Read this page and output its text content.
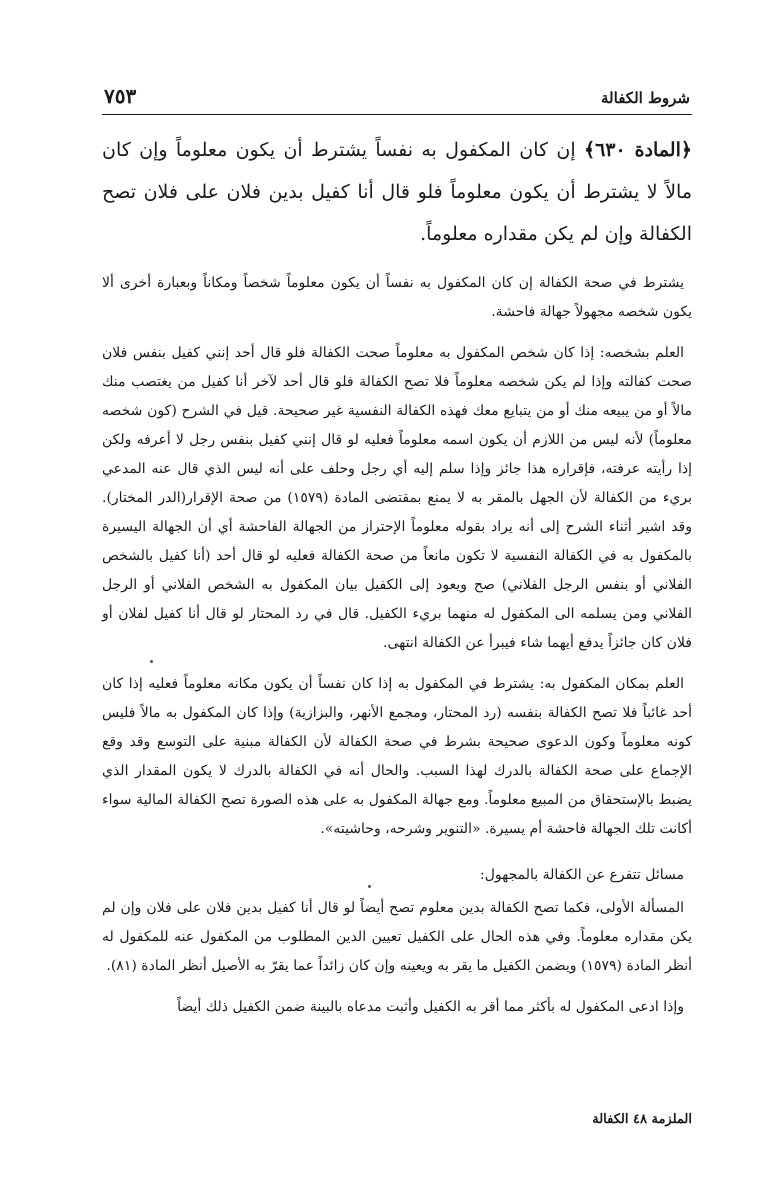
شروط الكفالة
٧٥٣

﴿المادة ٦٣٠﴾ إن كان المكفول به نفساً يشترط أن يكون معلوماً وإن كان مالاً لا يشترط أن يكون معلوماً فلو قال أنا كفيل بدين فلان على فلان تصح الكفالة وإن لم يكن مقداره معلوماً.

يشترط في صحة الكفالة إن كان المكفول به نفساً أن يكون معلوماً شخصاً ومكاناً وبعبارة أخرى ألا يكون شخصه مجهولاً جهالة فاحشة.

العلم بشخصه: إذا كان شخص المكفول به معلوماً صحت الكفالة فلو قال أحد إنني كفيل بنفس فلان صحت كفالته وإذا لم يكن شخصه معلوماً فلا تصح الكفالة فلو قال أحد لآخر أنا كفيل من يغتصب منك مالاً أو من يبيعه منك أو من يتبايع معك فهذه الكفالة النفسية غير صحيحة. قيل في الشرح (كون شخصه معلوماً) لأنه ليس من اللازم أن يكون اسمه معلوماً فعليه لو قال إنني كفيل بنفس رجل لا أعرفه ولكن إذا رأيته عرفته، فإقراره هذا جائز وإذا سلم إليه أي رجل وحلف على أنه ليس الذي قال عنه المدعي بريء من الكفالة لأن الجهل بالمقر به لا يمنع بمقتضى المادة (١٥٧٩) من صحة الإقرار(الدر المختار). وقد اشير أثناء الشرح إلى أنه يراد بقوله معلوماً الإحتراز من الجهالة الفاحشة أي أن الجهالة اليسيرة بالمكفول به في الكفالة النفسية لا تكون مانعاً من صحة الكفالة فعليه لو قال أحد (أنا كفيل بالشخص الفلاني أو بنفس الرجل الفلاني) صح ويعود إلى الكفيل بيان المكفول به الشخص الفلاني أو الرجل الفلاني ومن يسلمه الى المكفول له منهما بريء الكفيل. قال في رد المحتار لو قال أنا كفيل لفلان أو فلان كان جائزاً يدفع أيهما شاء فيبرأ عن الكفالة انتهى.

العلم بمكان المكفول به: يشترط في المكفول به إذا كان نفساً أن يكون مكانه معلوماً فعليه إذا كان أحد غائباً فلا تصح الكفالة بنفسه (رد المحتار، ومجمع الأنهر، والبزازية) وإذا كان المكفول به مالاً فليس كونه معلوماً وكون الدعوى صحيحة بشرط في صحة الكفالة لأن الكفالة مبنية على التوسع وقد وقع الإجماع على صحة الكفالة بالدرك لهذا السبب. والحال أنه في الكفالة بالدرك لا يكون المقدار الذي يضبط بالإستحقاق من المبيع معلوماً. ومع جهالة المكفول به على هذه الصورة تصح الكفالة المالية سواء أكانت تلك الجهالة فاحشة أم يسيرة. «التنوير وشرحه، وحاشيته».

مسائل تتفرع عن الكفالة بالمجهول:

المسألة الأولى، فكما تصح الكفالة بدين معلوم تصح أيضاً لو قال أنا كفيل بدين فلان على فلان وإن لم يكن مقداره معلوماً. وفي هذه الحال على الكفيل تعيين الدين المطلوب من المكفول عنه للمكفول له أنظر المادة (١٥٧٩) ويضمن الكفيل ما يقر به ويعينه وإن كان زائداً عما يقرّ به الأصيل أنظر المادة (٨١).

وإذا ادعى المكفول له بأكثر مما أقر به الكفيل وأثبت مدعاه بالبينة ضمن الكفيل ذلك أيضاً

الملزمة ٤٨ الكفالة
